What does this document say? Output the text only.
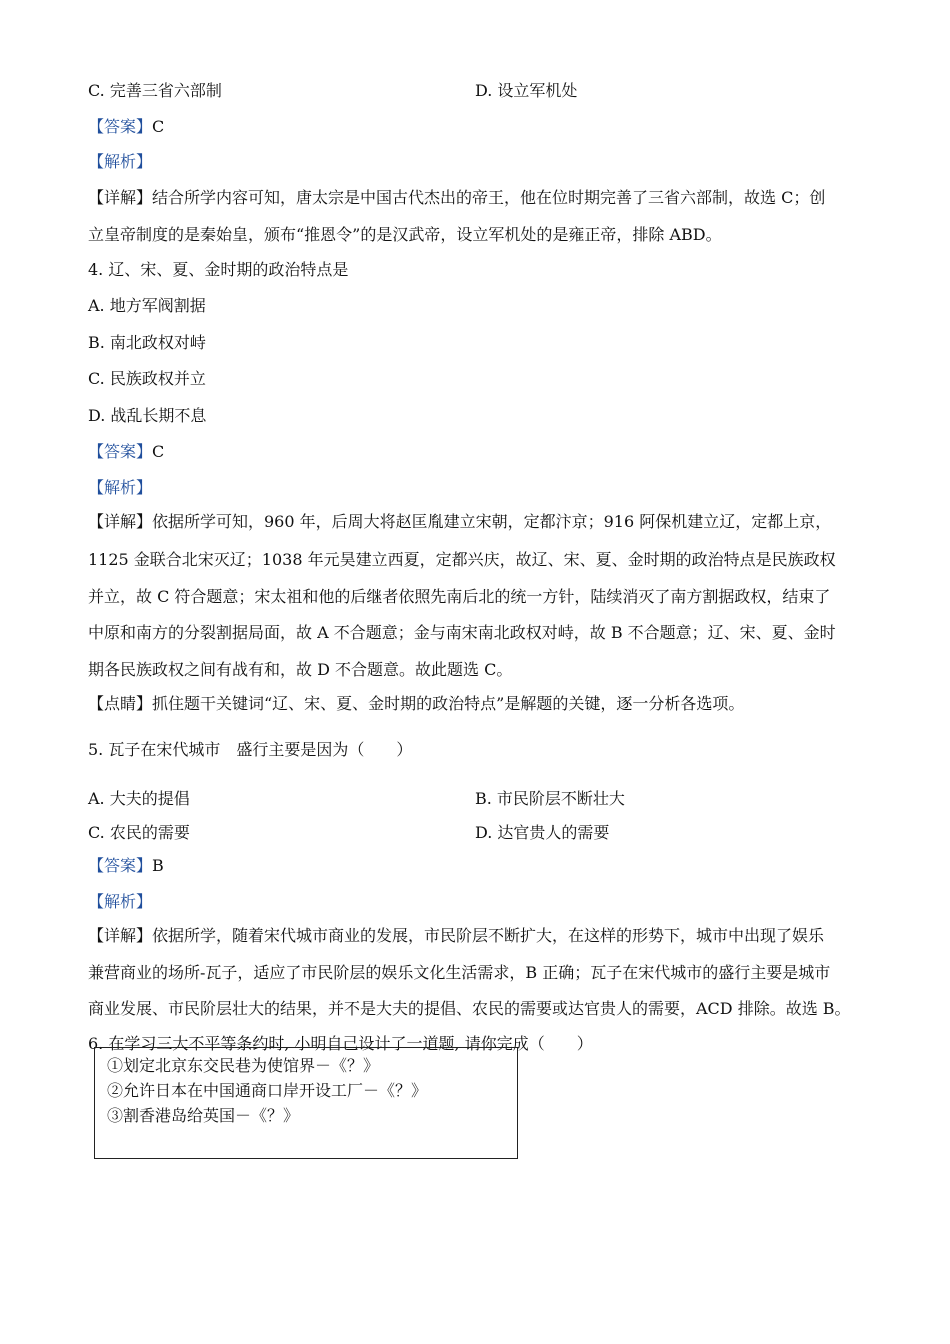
C. 完善三省六部制	D. 设立军机处
【答案】C
【解析】
【详解】结合所学内容可知，唐太宗是中国古代杰出的帝王，他在位时期完善了三省六部制，故选 C；创
立皇帝制度的是秦始皇，颁布“推恩令”的是汉武帝，设立军机处的是雍正帝，排除 ABD。
4. 辽、宋、夏、金时期的政治特点是
A. 地方军阀割据
B. 南北政权对峙
C. 民族政权并立
D. 战乱长期不息
【答案】C
【解析】
【详解】依据所学可知，960 年，后周大将赵匡胤建立宋朝，定都汴京；916 阿保机建立辽，定都上京，
1125 金联合北宋灭辽；1038 年元昊建立西夏，定都兴庆，故辽、宋、夏、金时期的政治特点是民族政权
并立，故 C 符合题意；宋太祖和他的后继者依照先南后北的统一方针，陆续消灭了南方割据政权，结束了
中原和南方的分裂割据局面，故 A 不合题意；金与南宋南北政权对峙，故 B 不合题意；辽、宋、夏、金时
期各民族政权之间有战有和，故 D 不合题意。故此题选 C。
【点睛】抓住题干关键词“辽、宋、夏、金时期的政治特点”是解题的关键，逐一分析各选项。
5. 瓦子在宋代城市　盛行主要是因为（　　）
A. 大夫的提倡	B. 市民阶层不断壮大
C. 农民的需要	D. 达官贵人的需要
【答案】B
【解析】
【详解】依据所学，随着宋代城市商业的发展，市民阶层不断扩大，在这样的形势下，城市中出现了娱乐
兼营商业的场所-瓦子，适应了市民阶层的娱乐文化生活需求，B 正确；瓦子在宋代城市的盛行主要是城市
商业发展、市民阶层壮大的结果，并不是大夫的提倡、农民的需要或达官贵人的需要，ACD 排除。故选 B。
6. 在学习三大不平等条约时, 小明自己设计了一道题, 请你完成（　　）
①划定北京东交民巷为使馆界－《？》
②允许日本在中国通商口岸开设工厂－《？》
③割香港岛给英国－《？》
